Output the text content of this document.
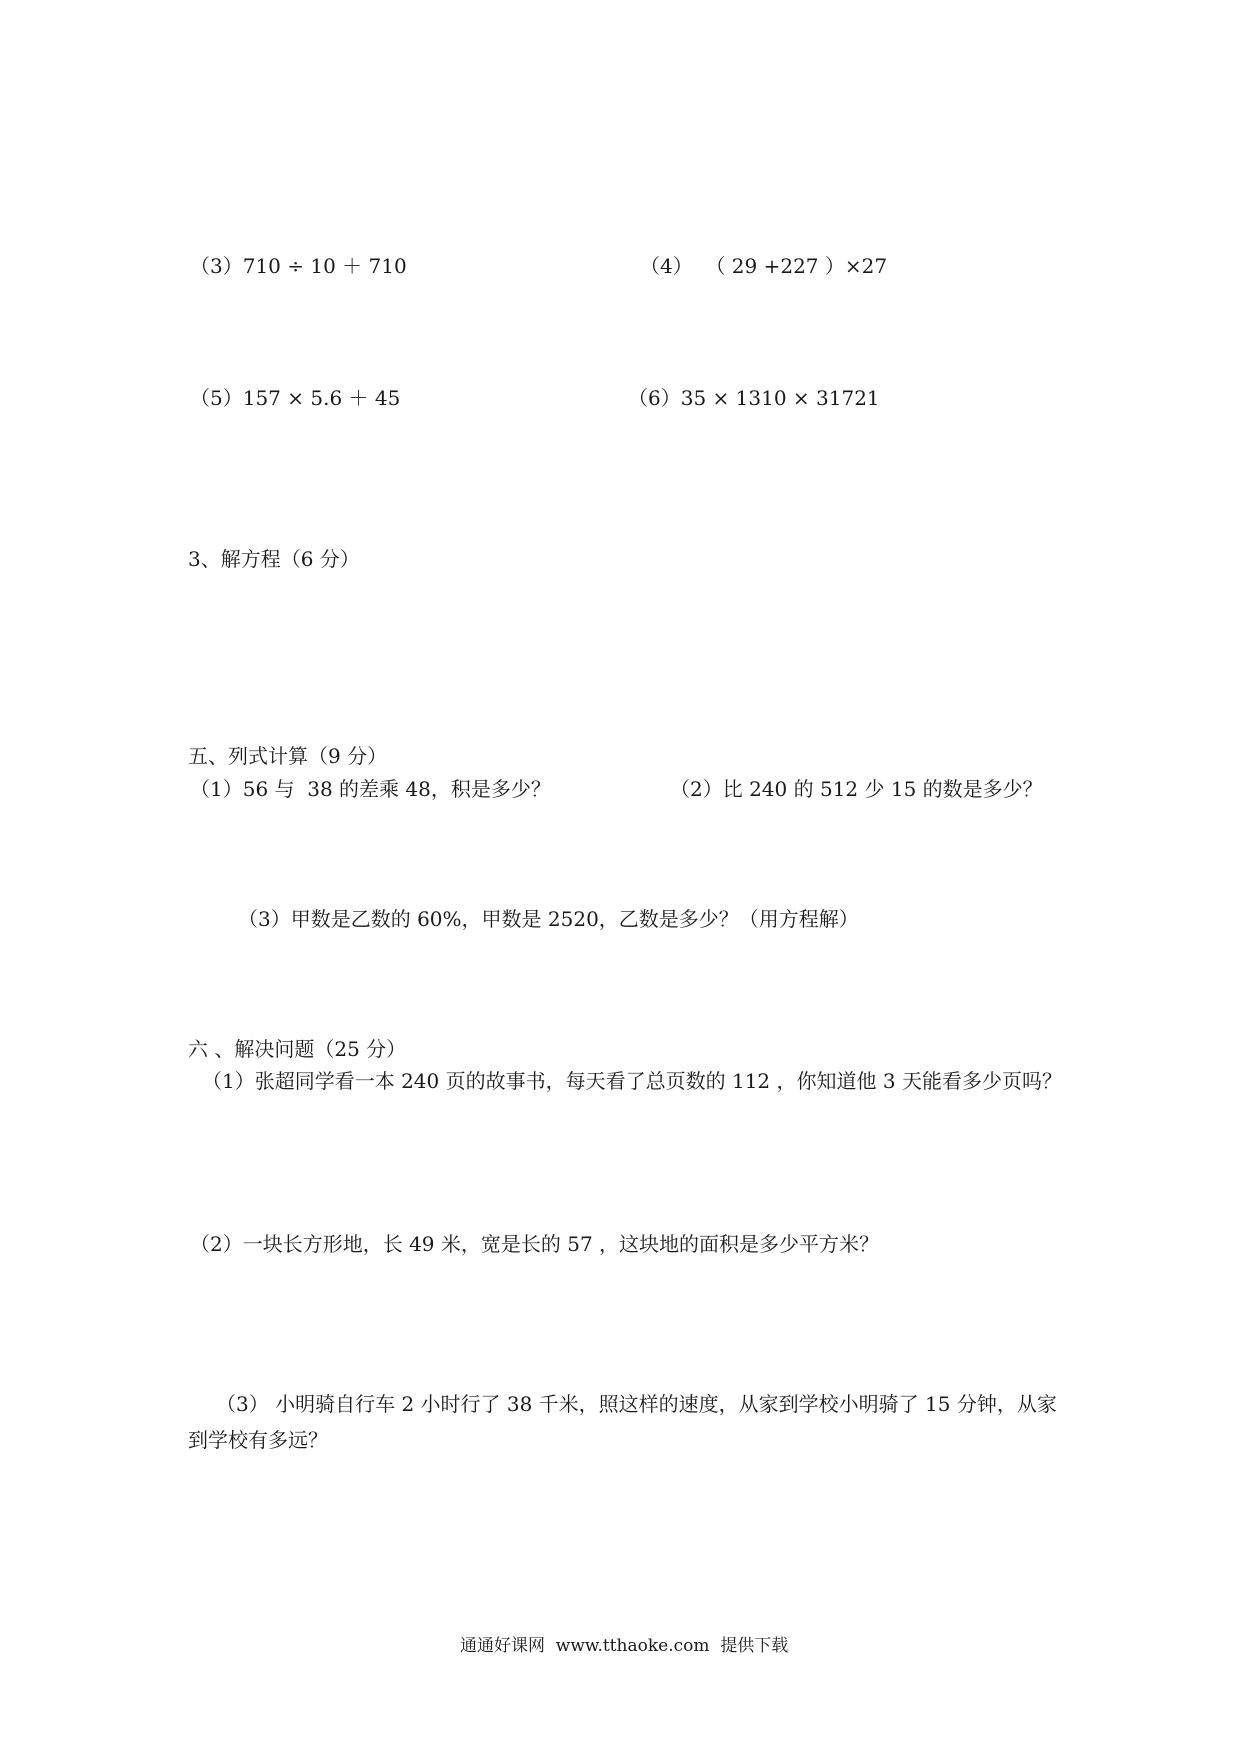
（3）710 ÷ 10 ＋ 710	（4）  （ 29 +227 ）×27
（5）157 × 5.6 ＋ 45	（6）35 × 1310 × 31721
3、解方程（6 分）
五、列式计算（9 分）
（1）56 与  38 的差乘 48，积是多少？	（2）比 240 的 512 少 15 的数是多少？
（3）甲数是乙数的 60%，甲数是 2520，乙数是多少？（用方程解）
六 、解决问题（25 分）
（1）张超同学看一本 240 页的故事书，每天看了总页数的 112 ，你知道他 3 天能看多少页吗？
（2）一块长方形地，长 49 米，宽是长的 57 ，这块地的面积是多少平方米？
（3） 小明骑自行车 2 小时行了 38 千米，照这样的速度，从家到学校小明骑了 15 分钟，从家到学校有多远？
通通好课网  www.tthaoke.com  提供下载
